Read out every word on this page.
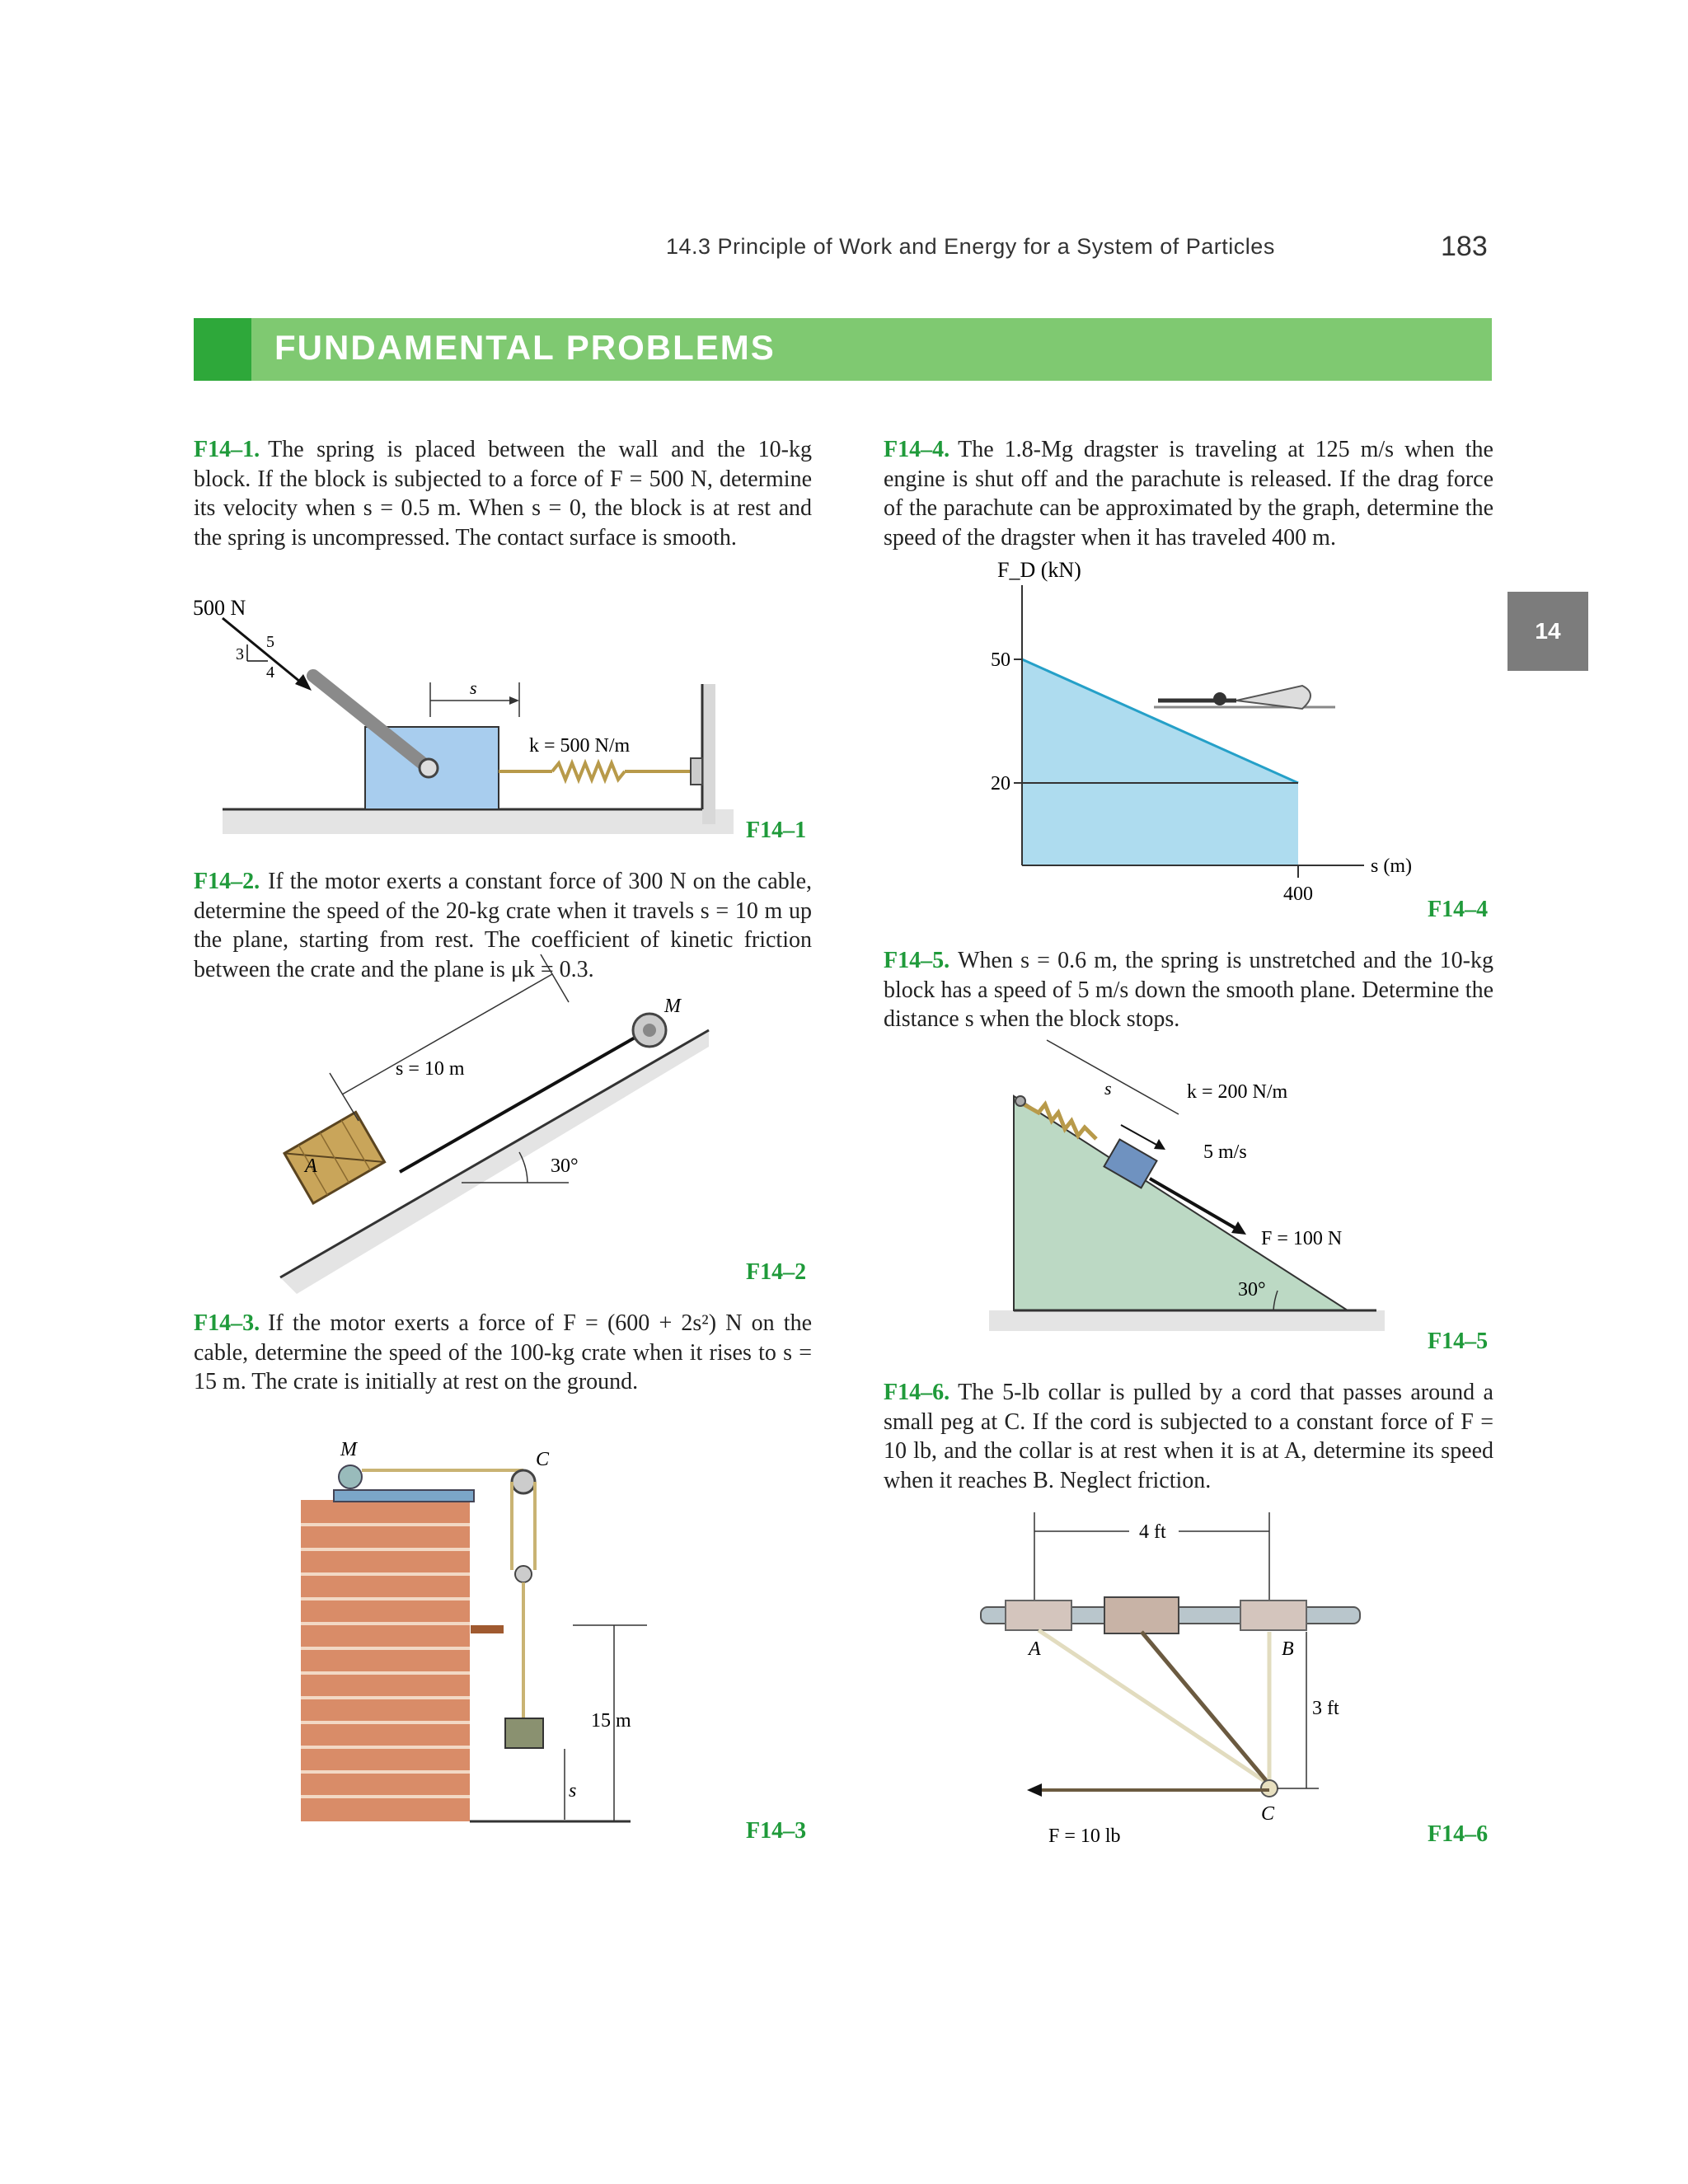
14.3 Principle of Work and Energy for a System of Particles	183
FUNDAMENTAL PROBLEMS
14
F14–1. The spring is placed between the wall and the 10-kg block. If the block is subjected to a force of F = 500 N, determine its velocity when s = 0.5 m. When s = 0, the block is at rest and the spring is uncompressed. The contact surface is smooth.
F14–2. If the motor exerts a constant force of 300 N on the cable, determine the speed of the 20-kg crate when it travels s = 10 m up the plane, starting from rest. The coefficient of kinetic friction between the crate and the plane is μk = 0.3.
F14–3. If the motor exerts a force of F = (600 + 2s²) N on the cable, determine the speed of the 100-kg crate when it rises to s = 15 m. The crate is initially at rest on the ground.
F14–4. The 1.8-Mg dragster is traveling at 125 m/s when the engine is shut off and the parachute is released. If the drag force of the parachute can be approximated by the graph, determine the speed of the dragster when it has traveled 400 m.
F14–5. When s = 0.6 m, the spring is unstretched and the 10-kg block has a speed of 5 m/s down the smooth plane. Determine the distance s when the block stops.
F14–6. The 5-lb collar is pulled by a cord that passes around a small peg at C. If the cord is subjected to a constant force of F = 10 lb, and the collar is at rest when it is at A, determine its speed when it reaches B. Neglect friction.
F14–1
F14–2
F14–3
F14–4
F14–5
F14–6
500 N
3
5
4
s
k = 500 N/m
M
A
s = 10 m
30°
M	C
15 m
s
F_D (kN)
s (m)
50
20
400
F = 100 N
5 m/s
s	k = 200 N/m
30°
4 ft
A	B
C
3 ft
F = 10 lb
